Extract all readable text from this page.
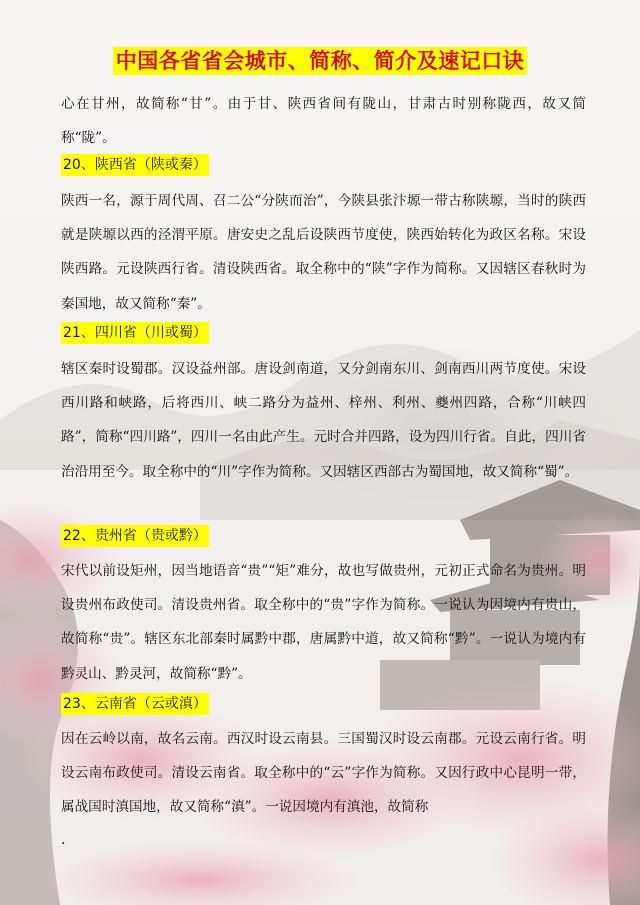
中国各省省会城市、简称、简介及速记口诀

心在甘州，故简称“甘”。由于甘、陕西省间有陇山，甘肃古时别称陇西，故又简称“陇”。

20、陕西省（陕或秦）

陕西一名，源于周代周、召二公“分陕而治”，今陕县张汴塬一带古称陕塬，当时的陕西就是陕塬以西的泾渭平原。唐安史之乱后设陕西节度使，陕西始转化为政区名称。宋设陕西路。元设陕西行省。清设陕西省。取全称中的“陕”字作为简称。又因辖区春秋时为秦国地，故又简称“秦”。

21、四川省（川或蜀）

辖区秦时设蜀郡。汉设益州部。唐设剑南道，又分剑南东川、剑南西川两节度使。宋设西川路和峡路，后将西川、峡二路分为益州、梓州、利州、夔州四路，合称“川峡四路”，简称“四川路”，四川一名由此产生。元时合并四路，设为四川行省。自此，四川省治沿用至今。取全称中的“川”字作为简称。又因辖区西部古为蜀国地，故又简称“蜀”。

22、贵州省（贵或黔）

宋代以前设矩州，因当地语音“贵”“矩”难分，故也写做贵州，元初正式命名为贵州。明设贵州布政使司。清设贵州省。取全称中的“贵”字作为简称。一说认为因境内有贵山，故简称“贵”。辖区东北部秦时属黔中郡，唐属黔中道，故又简称“黔”。一说认为境内有黔灵山、黔灵河，故简称“黔”。

23、云南省（云或滇）

因在云岭以南，故名云南。西汉时设云南县。三国蜀汉时设云南郡。元设云南行省。明设云南布政使司。清设云南省。取全称中的“云”字作为简称。又因行政中心昆明一带，属战国时滇国地，故又简称“滇”。一说因境内有滇池，故简称

.
